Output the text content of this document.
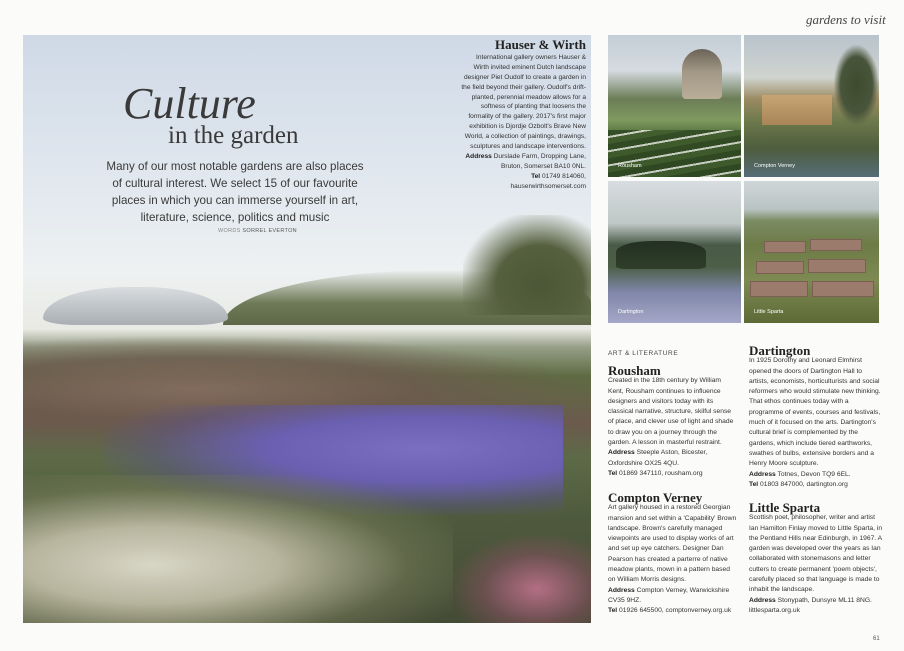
gardens to visit
Culture
in the garden
Many of our most notable gardens are also places of cultural interest. We select 15 of our favourite places in which you can immerse yourself in art, literature, science, politics and music
WORDS SORREL EVERTON
Hauser & Wirth
International gallery owners Hauser & Wirth invited eminent Dutch landscape designer Piet Oudolf to create a garden in the field beyond their gallery. Oudolf's drift-planted, perennial meadow allows for a softness of planting that loosens the formality of the gallery. 2017's first major exhibition is Djordje Ozbolt's Brave New World, a collection of paintings, drawings, sculptures and landscape interventions.
Address Durslade Farm, Dropping Lane, Bruton, Somerset BA10 0NL.
Tel 01749 814060,
hauserwirthsomerset.com
Rousham	Compton Verney
Dartington	Little Sparta
ART & LITERATURE
Rousham
Created in the 18th century by William Kent, Rousham continues to influence designers and visitors today with its classical narrative, structure, skilful sense of place, and clever use of light and shade to draw you on a journey through the garden. A lesson in masterful restraint.
Address Steeple Aston, Bicester, Oxfordshire OX25 4QU.
Tel 01869 347110, rousham.org
Compton Verney
Art gallery housed in a restored Georgian mansion and set within a 'Capability' Brown landscape. Brown's carefully managed viewpoints are used to display works of art and set up eye catchers. Designer Dan Pearson has created a parterre of native meadow plants, mown in a pattern based on William Morris designs.
Address Compton Verney, Warwickshire CV35 9HZ.
Tel 01926 645500, comptonverney.org.uk
Dartington
In 1925 Dorothy and Leonard Elmhirst opened the doors of Dartington Hall to artists, economists, horticulturists and social reformers who would stimulate new thinking. That ethos continues today with a programme of events, courses and festivals, much of it focused on the arts. Dartington's cultural brief is complemented by the gardens, which include tiered earthworks, swathes of bulbs, extensive borders and a Henry Moore sculpture.
Address Totnes, Devon TQ9 6EL.
Tel 01803 847000, dartington.org
Little Sparta
Scottish poet, philosopher, writer and artist Ian Hamilton Finlay moved to Little Sparta, in the Pentland Hills near Edinburgh, in 1967. A garden was developed over the years as Ian collaborated with stonemasons and letter cutters to create permanent 'poem objects', carefully placed so that language is made to inhabit the landscape.
Address Stonypath, Dunsyre ML11 8NG.
littlesparta.org.uk
61
